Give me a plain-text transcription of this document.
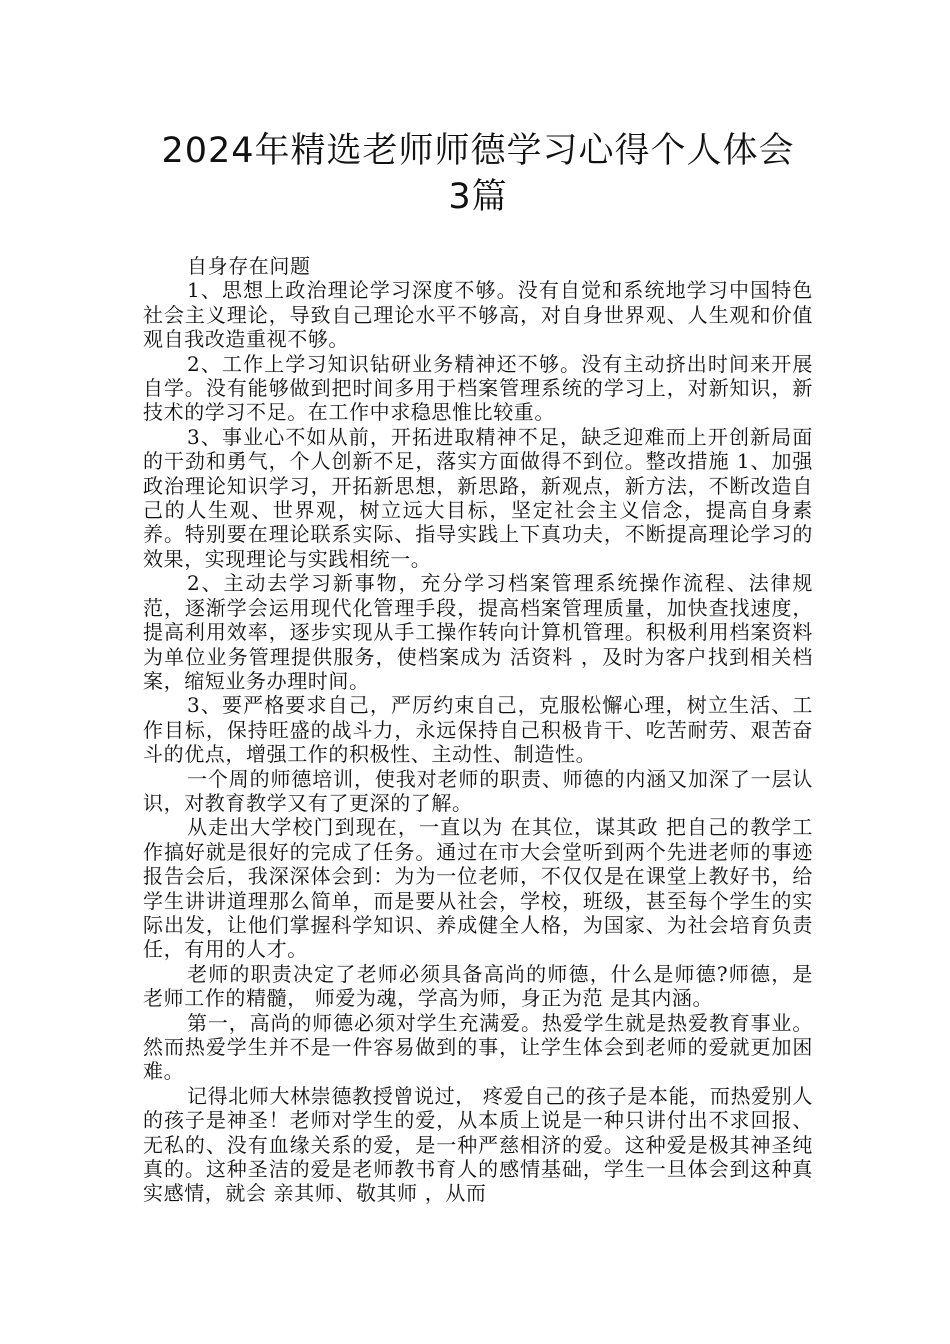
2024年精选老师师德学习心得个人体会
3篇

自身存在问题

1、思想上政治理论学习深度不够。没有自觉和系统地学习中国特色社会主义理论，导致自己理论水平不够高，对自身世界观、人生观和价值观自我改造重视不够。

2、工作上学习知识钻研业务精神还不够。没有主动挤出时间来开展自学。没有能够做到把时间多用于档案管理系统的学习上，对新知识，新技术的学习不足。在工作中求稳思惟比较重。

3、事业心不如从前，开拓进取精神不足，缺乏迎难而上开创新局面的干劲和勇气，个人创新不足，落实方面做得不到位。整改措施 1、加强政治理论知识学习，开拓新思想，新思路，新观点，新方法，不断改造自己的人生观、世界观，树立远大目标，坚定社会主义信念，提高自身素养。特别要在理论联系实际、指导实践上下真功夫，不断提高理论学习的效果，实现理论与实践相统一。

2、主动去学习新事物，充分学习档案管理系统操作流程、法律规范，逐渐学会运用现代化管理手段，提高档案管理质量，加快查找速度，提高利用效率，逐步实现从手工操作转向计算机管理。积极利用档案资料为单位业务管理提供服务，使档案成为 活资料 ，及时为客户找到相关档案，缩短业务办理时间。

3、要严格要求自己，严厉约束自己，克服松懈心理，树立生活、工作目标，保持旺盛的战斗力，永远保持自己积极肯干、吃苦耐劳、艰苦奋斗的优点，增强工作的积极性、主动性、制造性。

一个周的师德培训，使我对老师的职责、师德的内涵又加深了一层认识，对教育教学又有了更深的了解。

从走出大学校门到现在，一直以为 在其位，谋其政 把自己的教学工作搞好就是很好的完成了任务。通过在市大会堂听到两个先进老师的事迹报告会后，我深深体会到：为为一位老师，不仅仅是在课堂上教好书，给学生讲讲道理那么简单，而是要从社会，学校，班级，甚至每个学生的实际出发，让他们掌握科学知识、养成健全人格，为国家、为社会培育负责任，有用的人才。

老师的职责决定了老师必须具备高尚的师德，什么是师德?师德，是老师工作的精髓， 师爱为魂，学高为师，身正为范 是其内涵。

第一，高尚的师德必须对学生充满爱。热爱学生就是热爱教育事业。然而热爱学生并不是一件容易做到的事，让学生体会到老师的爱就更加困难。

记得北师大林崇德教授曾说过， 疼爱自己的孩子是本能，而热爱别人的孩子是神圣！老师对学生的爱，从本质上说是一种只讲付出不求回报、无私的、没有血缘关系的爱，是一种严慈相济的爱。这种爱是极其神圣纯真的。这种圣洁的爱是老师教书育人的感情基础，学生一旦体会到这种真实感情，就会 亲其师、敬其师 ，从而
